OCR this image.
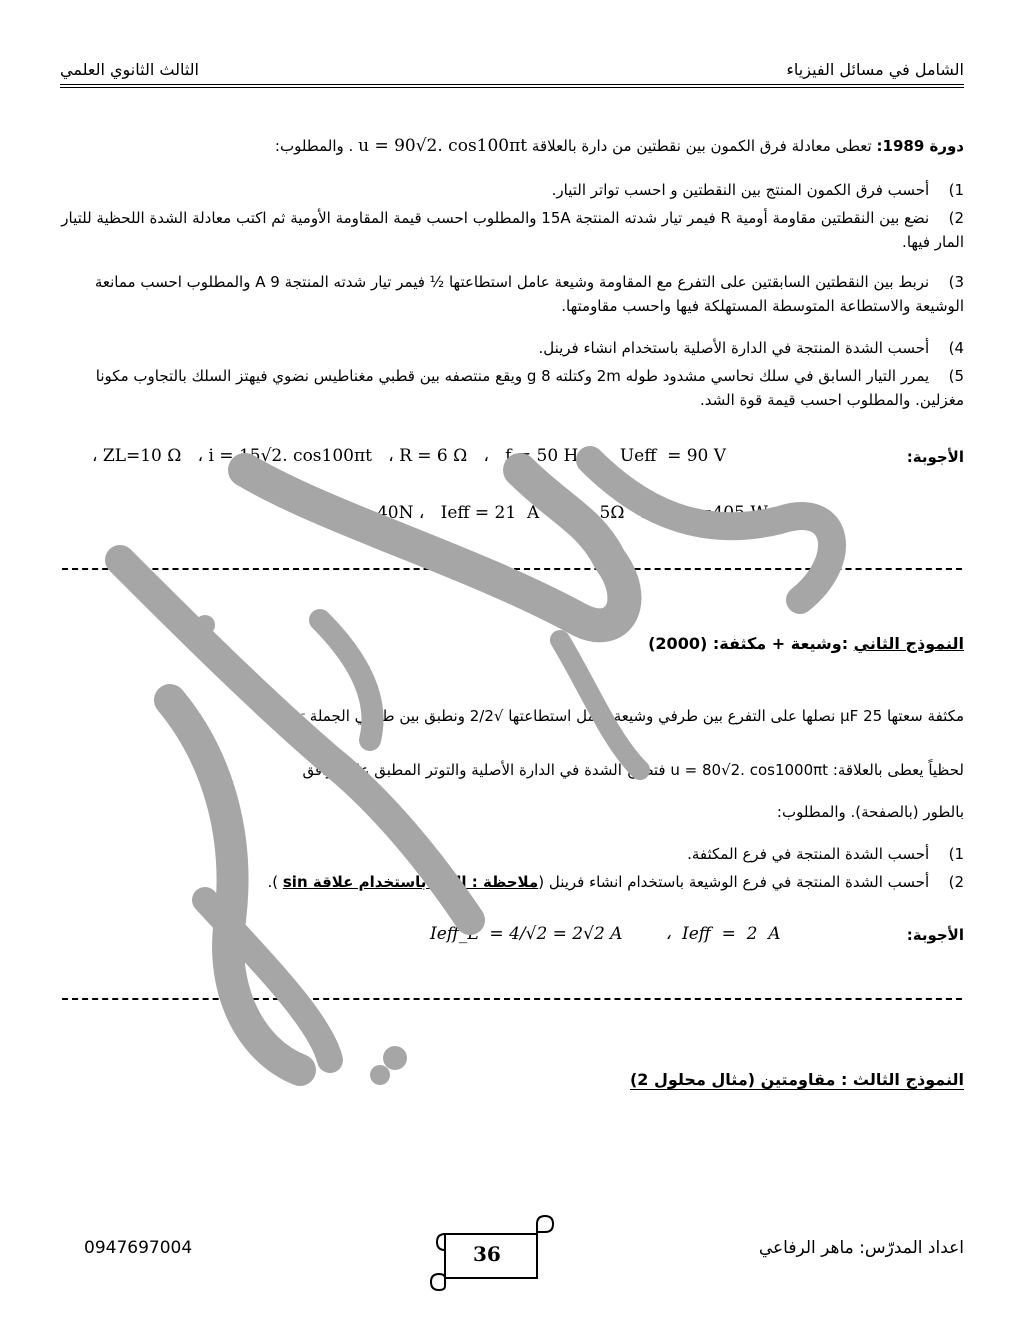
الشامل في مسائل الفيزياء
الثالث الثانوي العلمي
دورة 1989: تعطى معادلة فرق الكمون بين نقطتين من دارة بالعلاقة u = 90√2. cos100πt . والمطلوب:
1) أحسب فرق الكمون المنتج بين النقطتين و احسب تواتر التيار.
2) نضع بين النقطتين مقاومة أومية R فيمر تيار شدته المنتجة 15A والمطلوب احسب قيمة المقاومة الأومية ثم اكتب معادلة الشدة اللحظية للتيار المار فيها.
3) نربط بين النقطتين السابقتين على التفرع مع المقاومة وشيعة عامل استطاعتها ½ فيمر تيار شدته المنتجة A 9 والمطلوب احسب ممانعة الوشيعة والاستطاعة المتوسطة المستهلكة فيها واحسب مقاومتها.
4) أحسب الشدة المنتجة في الدارة الأصلية باستخدام انشاء فرينل.
5) يمرر التيار السابق في سلك نحاسي مشدود طوله 2m وكتلته 8 g ويقع منتصفه بين قطبي مغناطيس نضوي فيهتز السلك بالتجاوب مكونا مغزلين. والمطلوب احسب قيمة قوة الشد.
الأجوبة:
، ZL=10 Ω   ، i = 15√2. cos100πt   ، R = 6 Ω   ،   f = 50 Hz ،    Ueff  = 90 V
F T  = 40N ،   Ieff = 21  A   ، r = 5Ω   ، Pavg =405 Watt
النموذج الثاني :وشيعة + مكثفة: (2000)
مكثفة سعتها 25 μF نصلها على التفرع بين طرفي وشيعة عامل استطاعتها √2/2 ونطبق بين طرفي الجملة توتراً
لحظياً يعطى بالعلاقة: u = 80√2. cos1000πt فتصبح الشدة في الدارة الأصلية والتوتر المطبق على توافق
بالطور (بالصفحة). والمطلوب:
1) أحسب الشدة المنتجة في فرع المكثفة.
2) أحسب الشدة المنتجة في فرع الوشيعة باستخدام انشاء فرينل (ملاحظة : الحل باستخدام علاقة sin ).
الأجوبة:
Ieff_L  = 4/√2 = 2√2 A        ،  Ieff  =  2  A
النموذج الثالث : مقاومتين (مثال محلول 2)
اعداد المدرّس: ماهر الرفاعي
0947697004	36
